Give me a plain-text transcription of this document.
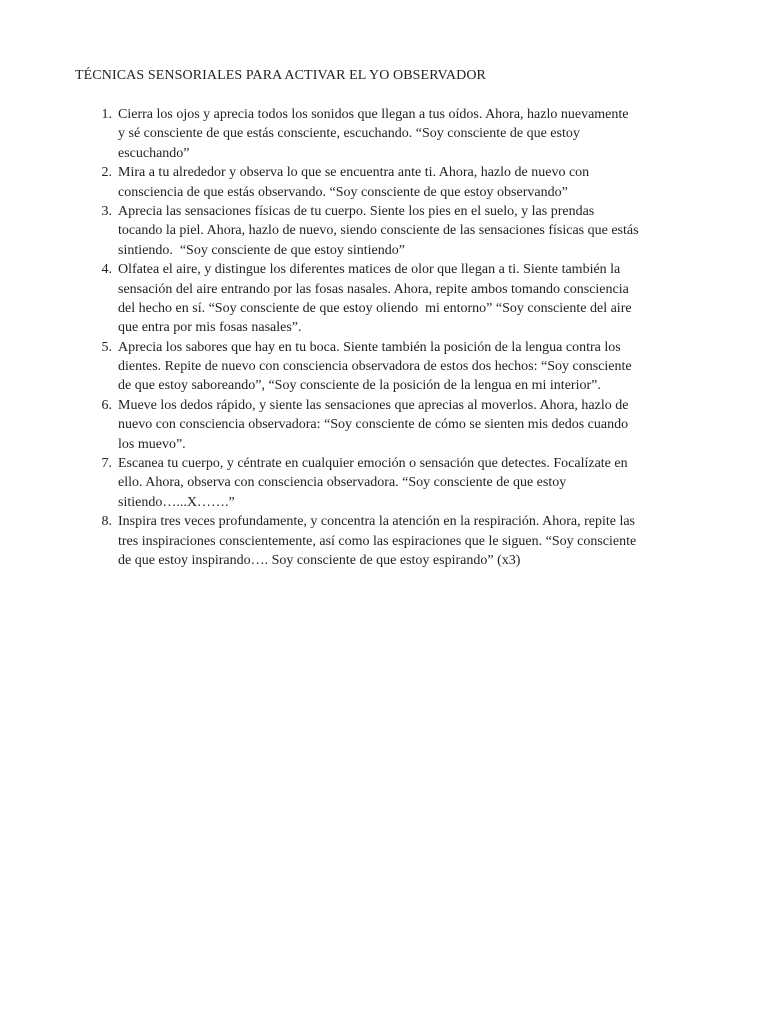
TÉCNICAS SENSORIALES PARA ACTIVAR EL YO OBSERVADOR
1. Cierra los ojos y aprecia todos los sonidos que llegan a tus oídos. Ahora, hazlo nuevamente
y sé consciente de que estás consciente, escuchando. “Soy consciente de que estoy
escuchando”
2. Mira a tu alrededor y observa lo que se encuentra ante ti. Ahora, hazlo de nuevo con
consciencia de que estás observando. “Soy consciente de que estoy observando”
3. Aprecia las sensaciones físicas de tu cuerpo. Siente los pies en el suelo, y las prendas
tocando la piel. Ahora, hazlo de nuevo, siendo consciente de las sensaciones físicas que estás
sintiendo.  “Soy consciente de que estoy sintiendo”
4. Olfatea el aire, y distingue los diferentes matices de olor que llegan a ti. Siente también la
sensación del aire entrando por las fosas nasales. Ahora, repite ambos tomando consciencia
del hecho en sí. “Soy consciente de que estoy oliendo  mi entorno” “Soy consciente del aire
que entra por mis fosas nasales”.
5. Aprecia los sabores que hay en tu boca. Siente también la posición de la lengua contra los
dientes. Repite de nuevo con consciencia observadora de estos dos hechos: “Soy consciente
de que estoy saboreando”, “Soy consciente de la posición de la lengua en mi interior”.
6. Mueve los dedos rápido, y siente las sensaciones que aprecias al moverlos. Ahora, hazlo de
nuevo con consciencia observadora: “Soy consciente de cómo se sienten mis dedos cuando
los muevo”.
7. Escanea tu cuerpo, y céntrate en cualquier emoción o sensación que detectes. Focalízate en
ello. Ahora, observa con consciencia observadora. “Soy consciente de que estoy
sitiendo…...X…….”
8. Inspira tres veces profundamente, y concentra la atención en la respiración. Ahora, repite las
tres inspiraciones conscientemente, así como las espiraciones que le siguen. “Soy consciente
de que estoy inspirando…. Soy consciente de que estoy espirando” (x3)
